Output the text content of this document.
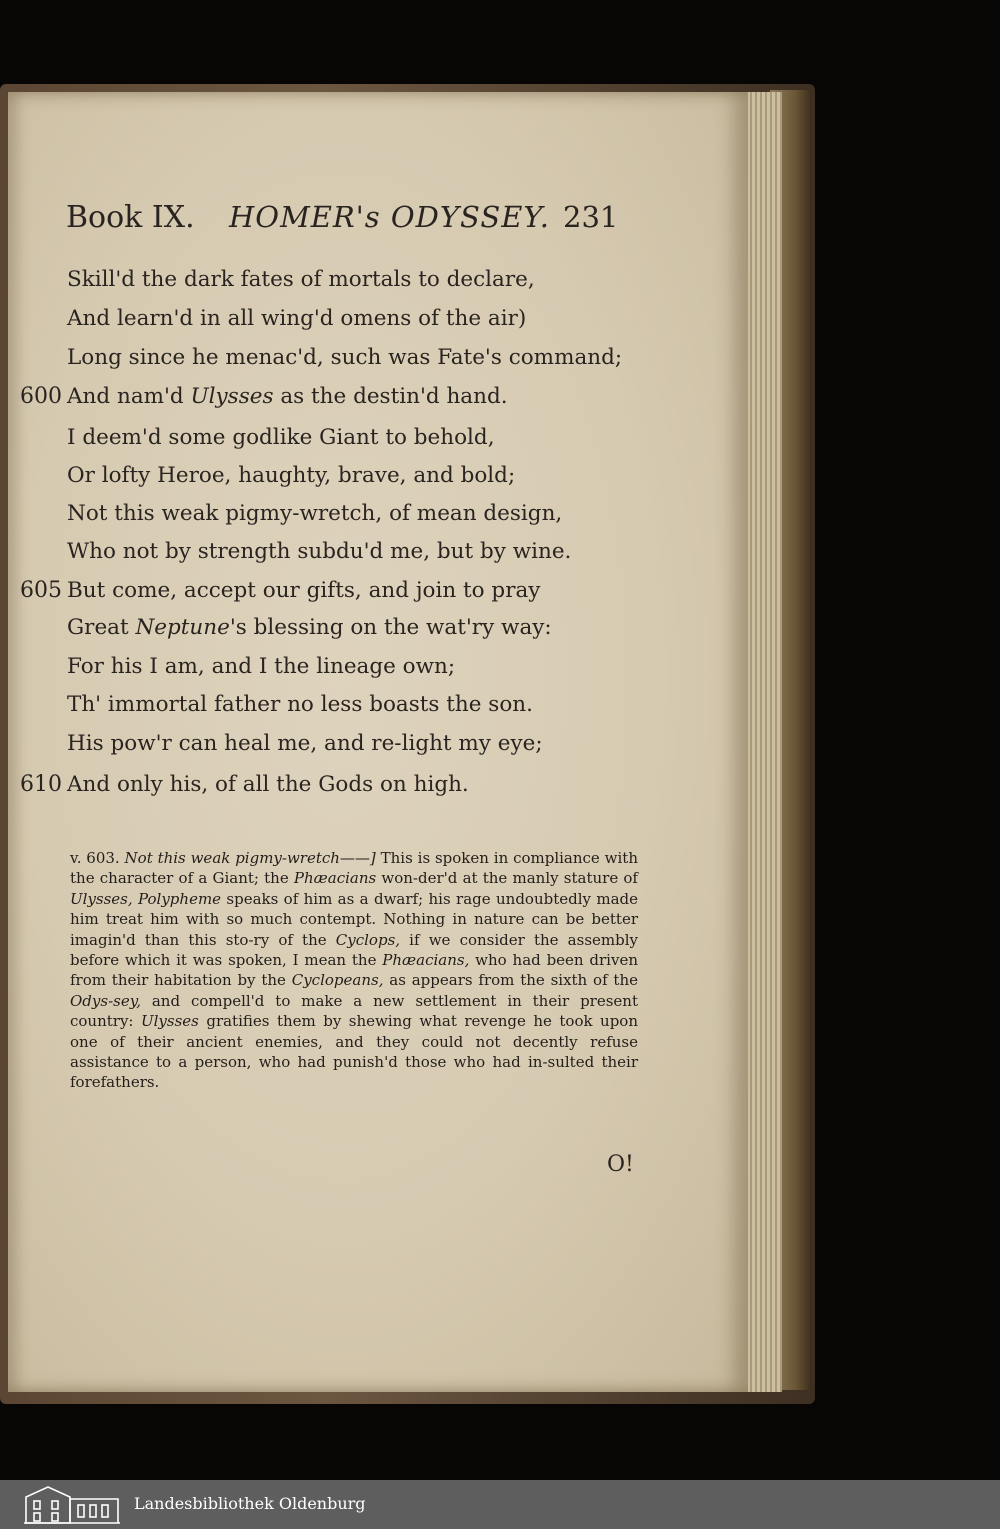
Book IX. HOMER's ODYSSEY. 231
Skill'd the dark fates of mortals to declare,
And learn'd in all wing'd omens of the air)
Long since he menac'd, such was Fate's command;
600 And nam'd Ulysses as the destin'd hand.
I deem'd some godlike Giant to behold,
Or lofty Heroe, haughty, brave, and bold;
Not this weak pigmy-wretch, of mean design,
Who not by strength subdu'd me, but by wine.
605 But come, accept our gifts, and join to pray
Great Neptune's blessing on the wat'ry way:
For his I am, and I the lineage own;
Th' immortal father no less boasts the son.
His pow'r can heal me, and re-light my eye;
610 And only his, of all the Gods on high.
v. 603. Not this weak pigmy-wretch——] This is spoken in compliance with the character of a Giant; the Phæacians won-der'd at the manly stature of Ulysses, Polypheme speaks of him as a dwarf; his rage undoubtedly made him treat him with so much contempt. Nothing in nature can be better imagin'd than this sto-ry of the Cyclops, if we consider the assembly before which it was spoken, I mean the Phæacians, who had been driven from their habitation by the Cyclopeans, as appears from the sixth of the Odys-sey, and compell'd to make a new settlement in their present country: Ulysses gratifies them by shewing what revenge he took upon one of their ancient enemies, and they could not decently refuse assistance to a person, who had punish'd those who had in-sulted their forefathers.
O!
Landesbibliothek Oldenburg
